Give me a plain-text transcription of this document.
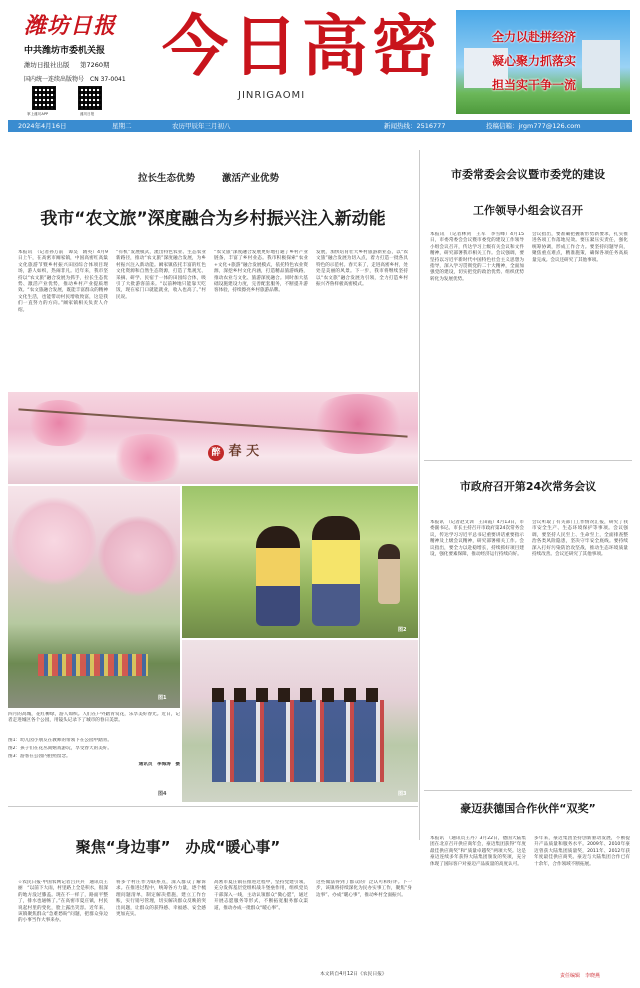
潍坊日报
中共潍坊市委机关报
潍坊日报社出版 第7260期
国内统一连续出版物号　CN 37-0041
掌上潍坊APP	潍坊日报
今日高密
JINRIGAOMI
全力以赴拼经济
凝心聚力抓落实
担当实干争一流
2024年4月16日	星期二	农历甲辰年三月初八	新闻热线：2516777	投稿信箱：jrgm777@126.com
拉长生态优势	激活产业优势
我市“农文旅”深度融合为乡村振兴注入新动能
本报讯　（记者孙万前　谭昊　隋英）4月9日上午，在高密市阚家镇，中国高密红高粱文化旅游节暨乡村振兴田园综合体项目现场，游人如织，热闹非凡。近年来，我市坚持以“农文旅”融合发展为抓手，拉长生态优势、激活产业优势，推动乡村产业提质增效。“农文旅融合发展，既能丰富群众的精神文化生活，也能带动村民增收致富，这是我们一直努力的方向。”阚家镇相关负责人介绍。
“有机”发展模式，流出特色农业、生态农业新路径，推动“农文旅”深度融合发展，为乡村振兴注入新动能。阚家镇依托丰富的红色文化资源和自然生态资源，打造了集观光、采摘、研学、民宿于一体的田园综合体，吸引了大批游客前来。“以前种地只能靠天吃饭，现在家门口就能就业，收入也高了。”村民说。
“农文旅”深度融合发展更好地打通了乡村产业链条，丰富了乡村业态。我市积极探索“农业+文化+旅游”融合发展模式，依托特色农业资源，深挖乡村文化内涵，打造精品旅游线路，推动农业与文化、旅游深度融合。同时加大基础设施建设力度，完善配套服务，不断提升游客体验，持续擦亮乡村旅游品牌。
发展，加快培育壮大乡村旅游新业态，以“农文旅”融合发展为切入点，着力打造一批各具特色的示范村。春天来了，走进高密乡村，处处是美丽的风景。下一步，我市将继续坚持以“农文旅”融合发展为引领，全力打造乡村振兴齐鲁样板高密模式。
醉 春 天
图1
图2
图3
四月的高城，花红柳绿，游人如织。人们在户外踏青赏花，乐享美好春光。近日，记者走进城区各个公园，用镜头记录下了城市的春日美景。
图1：幼儿园小朋友在教师的带领下在公园中踏青。
图2：孩子们在花丛间嬉戏游玩，享受春天的美好。
图3：游客在公园内拍照留念。
通讯员　李海涛　摄
图4
市委常委会会议暨市委党的建设
工作领导小组会议召开
本报讯　（记者林剑　王军　李雪峰）4月15日，市委常委会会议暨市委党的建设工作领导小组会议召开，传达学习上级有关会议和文件精神，研究部署我市相关工作。会议强调，要坚持以习近平新时代中国特色社会主义思想为指导，深入学习贯彻党的二十大精神，全面加强党的建设，切实把党的政治优势、组织优势转化为发展优势。
会议指出，要准确把握新形势新要求，扎实推进各项工作落地见效。要压紧压实责任，强化统筹协调，形成工作合力。要坚持问题导向，聚焦重点难点，精准施策，确保各项任务高质量完成。会议还研究了其他事项。
市政府召开第24次常务会议
本报讯　（记者赵文训　王田霞）4月13日，市委副书记、市长主持召开市政府第24次常务会议，传达学习习近平总书记重要讲话重要指示精神及上级会议精神，研究部署相关工作。会议指出，要全力以赴稳增长，持续抓好项目建设，强化要素保障，推动经济运行持续向好。
会议听取了有关部门工作情况汇报，研究了我市安全生产、生态环境保护等事项。会议强调，要坚持人民至上、生命至上，全面排查整治各类风险隐患，坚决守牢安全底线。要持续深入打好污染防治攻坚战，推动生态环境质量持续改善。会议还研究了其他事项。
豪迈获德国合作伙伴“双奖”
本报讯　（通讯员王丹）3月22日，德国大陆集团在北京召开供应商年会，豪迈集团获得“年度最佳供应商奖”和“质量卓越奖”两项大奖。这是豪迈连续多年获得大陆集团颁发的奖项，充分体现了国际客户对豪迈产品质量的高度认可。
多年来，豪迈集团坚持创新驱动发展，不断提升产品质量和服务水平。2009年、2010年豪迈曾获大陆集团质量奖，2011年、2012年获年度最佳供应商奖。豪迈与大陆集团合作已有十余年，合作领域不断拓展。
责任编辑　李晓燕
聚焦“身边事”　办成“暖心事”
☆农民日报·中国农网记者吕兵兵　通讯员王丽　“以前下大雨，村里路上全是积水，很深的地方没过膝盖。现在不一样了，路面平整了，排水也通畅了。”在高密市夏庄镇，村民说起村里的变化，脸上露出笑容。近年来，该镇聚焦群众“急难愁盼”问题，把群众身边的小事当作大事来办。
将多个村庄作为联系点，深入群众了解诉求。在推进过程中，统筹各方力量，逐个梳理问题清单，制定解决措施，建立工作台账，实行销号管理，切实解决群众反映的突出问题，让群众的获得感、幸福感、安全感更加充实。
高密市夏庄镇在推进过程中，坚持党建引领，充分发挥基层党组织战斗堡垒作用，组织党员干部深入一线，主动认领群众“微心愿”，通过开展志愿服务等形式，不断拓宽服务群众渠道，推动办成一批群众“暖心事”。
这些做法得到了群众的广泛认可和好评。下一步，该镇将持续深化为民办实事工作，聚焦“身边事”、办成“暖心事”，推动乡村全面振兴。
本文转自4月12日《农民日报》
